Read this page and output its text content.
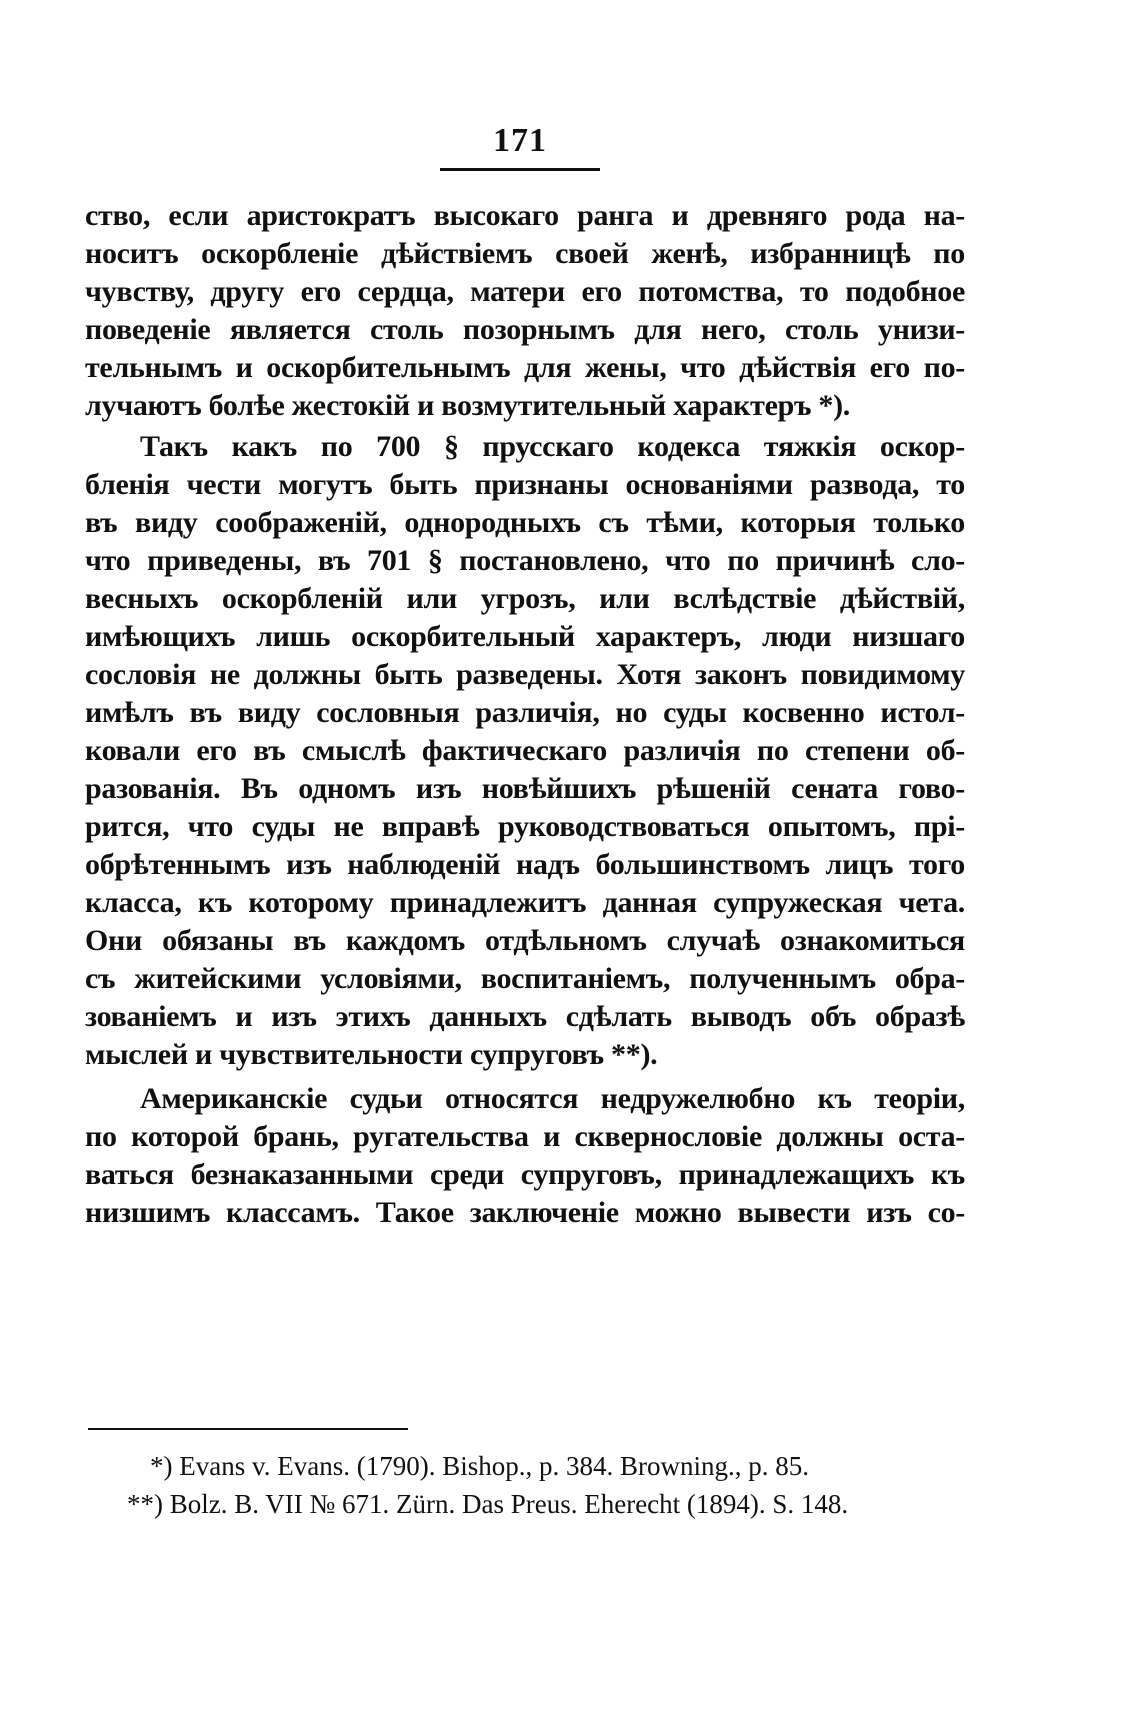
171
ство, если аристократъ высокаго ранга и древняго рода на-
носитъ оскорбленіе дѣйствіемъ своей женѣ, избранницѣ по
чувству, другу его сердца, матери его потомства, то подобное
поведеніе является столь позорнымъ для него, столь унизи-
тельнымъ и оскорбительнымъ для жены, что дѣйствія его по-
лучаютъ болѣе жестокій и возмутительный характеръ *).
Такъ какъ по 700 § прусскаго кодекса тяжкія оскор-
бленія чести могутъ быть признаны основаніями развода, то
въ виду соображеній, однородныхъ съ тѣми, которыя только
что приведены, въ 701 § постановлено, что по причинѣ сло-
весныхъ оскорбленій или угрозъ, или вслѣдствіе дѣйствій,
имѣющихъ лишь оскорбительный характеръ, люди низшаго
сословія не должны быть разведены. Хотя законъ повидимому
имѣлъ въ виду сословныя различія, но суды косвенно истол-
ковали его въ смыслѣ фактическаго различія по степени об-
разованія. Въ одномъ изъ новѣйшихъ рѣшеній сената гово-
рится, что суды не вправѣ руководствоваться опытомъ, прі-
обрѣтеннымъ изъ наблюденій надъ большинствомъ лицъ того
класса, къ которому принадлежитъ данная супружеская чета.
Они обязаны въ каждомъ отдѣльномъ случаѣ ознакомиться
съ житейскими условіями, воспитаніемъ, полученнымъ обра-
зованіемъ и изъ этихъ данныхъ сдѣлать выводъ объ образѣ
мыслей и чувствительности супруговъ **).
Американскіе судьи относятся недружелюбно къ теоріи,
по которой брань, ругательства и сквернословіе должны оста-
ваться безнаказанными среди супруговъ, принадлежащихъ къ
низшимъ классамъ. Такое заключеніе можно вывести изъ со-
*) Evans v. Evans. (1790). Bishop., p. 384. Browning., p. 85.
**) Bolz. B. VII № 671. Zürn. Das Preus. Eherecht (1894). S. 148.
